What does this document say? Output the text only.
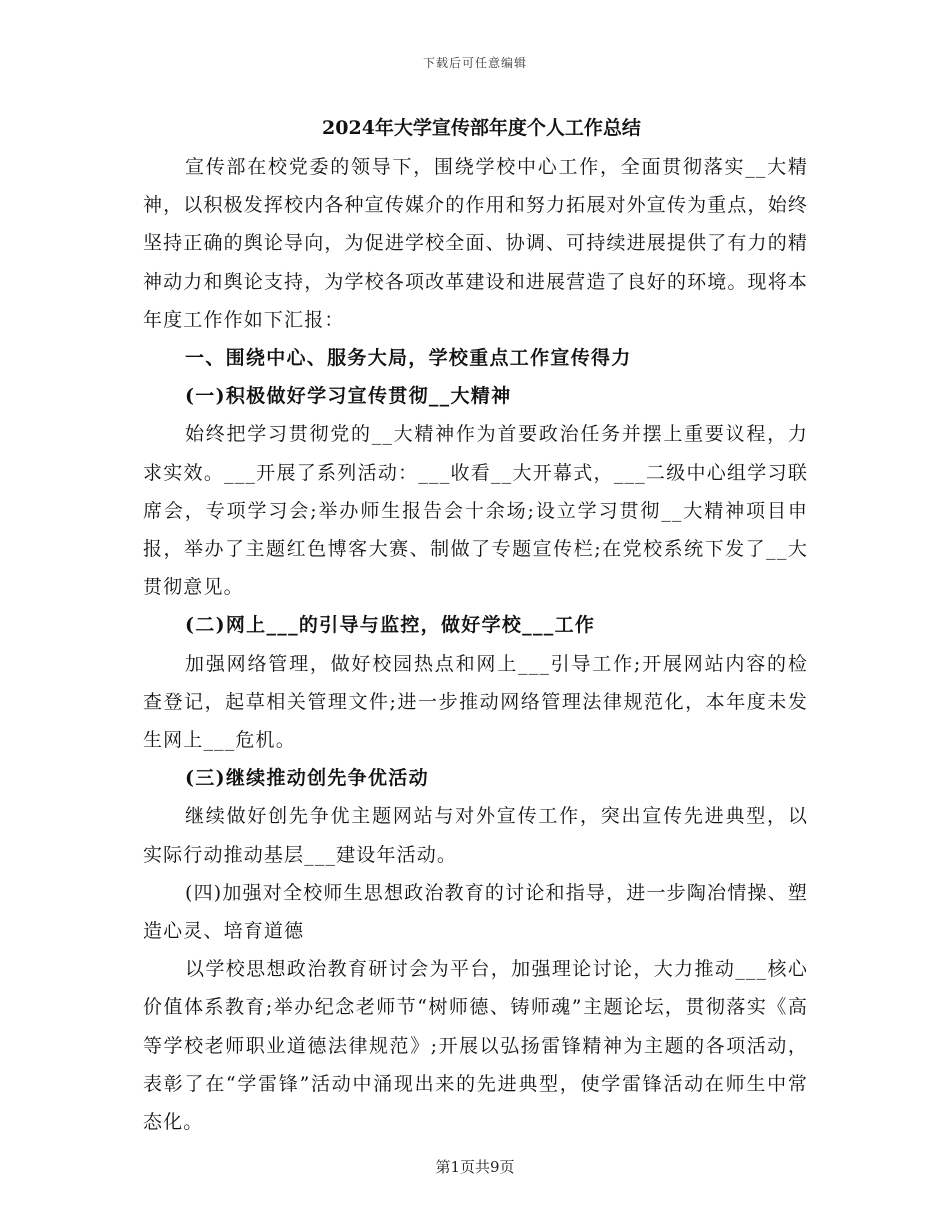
下载后可任意编辑
2024年大学宣传部年度个人工作总结

宣传部在校党委的领导下，围绕学校中心工作，全面贯彻落实__大精神，以积极发挥校内各种宣传媒介的作用和努力拓展对外宣传为重点，始终坚持正确的舆论导向，为促进学校全面、协调、可持续进展提供了有力的精神动力和舆论支持，为学校各项改革建设和进展营造了良好的环境。现将本年度工作作如下汇报：

一、围绕中心、服务大局，学校重点工作宣传得力

(一)积极做好学习宣传贯彻__大精神

始终把学习贯彻党的__大精神作为首要政治任务并摆上重要议程，力求实效。___开展了系列活动：___收看__大开幕式，___二级中心组学习联席会，专项学习会;举办师生报告会十余场;设立学习贯彻__大精神项目申报，举办了主题红色博客大赛、制做了专题宣传栏;在党校系统下发了__大贯彻意见。

(二)网上___的引导与监控，做好学校___工作

加强网络管理，做好校园热点和网上___引导工作;开展网站内容的检查登记，起草相关管理文件;进一步推动网络管理法律规范化，本年度未发生网上___危机。

(三)继续推动创先争优活动

继续做好创先争优主题网站与对外宣传工作，突出宣传先进典型，以实际行动推动基层___建设年活动。

(四)加强对全校师生思想政治教育的讨论和指导，进一步陶冶情操、塑造心灵、培育道德

以学校思想政治教育研讨会为平台，加强理论讨论，大力推动___核心价值体系教育;举办纪念老师节“树师德、铸师魂”主题论坛，贯彻落实《高等学校老师职业道德法律规范》;开展以弘扬雷锋精神为主题的各项活动，表彰了在“学雷锋”活动中涌现出来的先进典型，使学雷锋活动在师生中常态化。

第1页共9页
